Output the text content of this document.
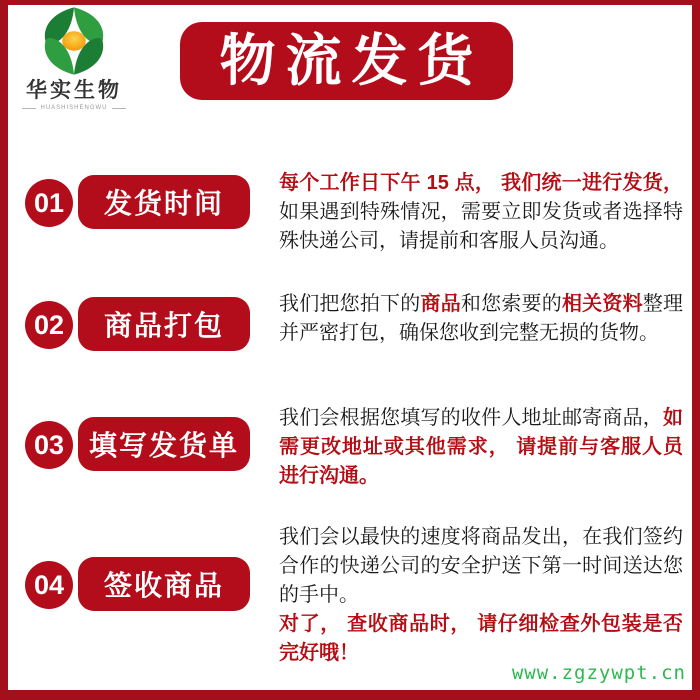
华实生物
HUASHISHENGWU
物流发货
01	发货时间
每个工作日下午 15 点， 我们统一进行发货， 如果遇到特殊情况，需要立即发货或者选择特殊快递公司，请提前和客服人员沟通。
02	商品打包
我们把您拍下的商品和您索要的相关资料整理并严密打包，确保您收到完整无损的货物。
03 填写发货单
我们会根据您填写的收件人地址邮寄商品，如需更改地址或其他需求， 请提前与客服人员进行沟通。
04	签收商品
我们会以最快的速度将商品发出，在我们签约合作的快递公司的安全护送下第一时间送达您的手中。
对了， 查收商品时， 请仔细检查外包装是否完好哦！
www.zgzywpt.cn
